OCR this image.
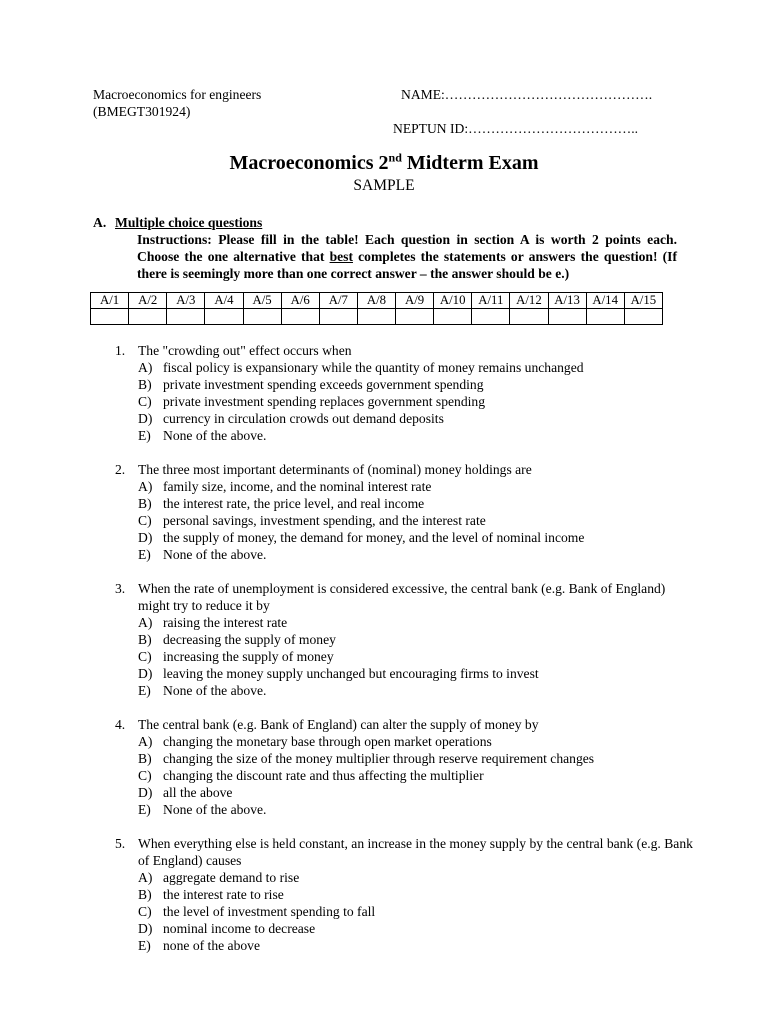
Macroeconomics for engineers
(BMEGT301924)
NAME:……………………………………….
NEPTUN ID:………………………………..
Macroeconomics 2nd Midterm Exam
SAMPLE
A. Multiple choice questions
Instructions: Please fill in the table! Each question in section A is worth 2 points each. Choose the one alternative that best completes the statements or answers the question! (If there is seemingly more than one correct answer – the answer should be e.)
A/1	A/2	A/3	A/4	A/5	A/6	A/7	A/8	A/9	A/10	A/11	A/12	A/13	A/14	A/15

1. The "crowding out" effect occurs when
A) fiscal policy is expansionary while the quantity of money remains unchanged
B) private investment spending exceeds government spending
C) private investment spending replaces government spending
D) currency in circulation crowds out demand deposits
E) None of the above.
2. The three most important determinants of (nominal) money holdings are
A) family size, income, and the nominal interest rate
B) the interest rate, the price level, and real income
C) personal savings, investment spending, and the interest rate
D) the supply of money, the demand for money, and the level of nominal income
E) None of the above.
3. When the rate of unemployment is considered excessive, the central bank (e.g. Bank of England) might try to reduce it by
A) raising the interest rate
B) decreasing the supply of money
C) increasing the supply of money
D) leaving the money supply unchanged but encouraging firms to invest
E) None of the above.
4. The central bank (e.g. Bank of England) can alter the supply of money by
A) changing the monetary base through open market operations
B) changing the size of the money multiplier through reserve requirement changes
C) changing the discount rate and thus affecting the multiplier
D) all the above
E) None of the above.
5. When everything else is held constant, an increase in the money supply by the central bank (e.g. Bank of England) causes
A) aggregate demand to rise
B) the interest rate to rise
C) the level of investment spending to fall
D) nominal income to decrease
E) none of the above
